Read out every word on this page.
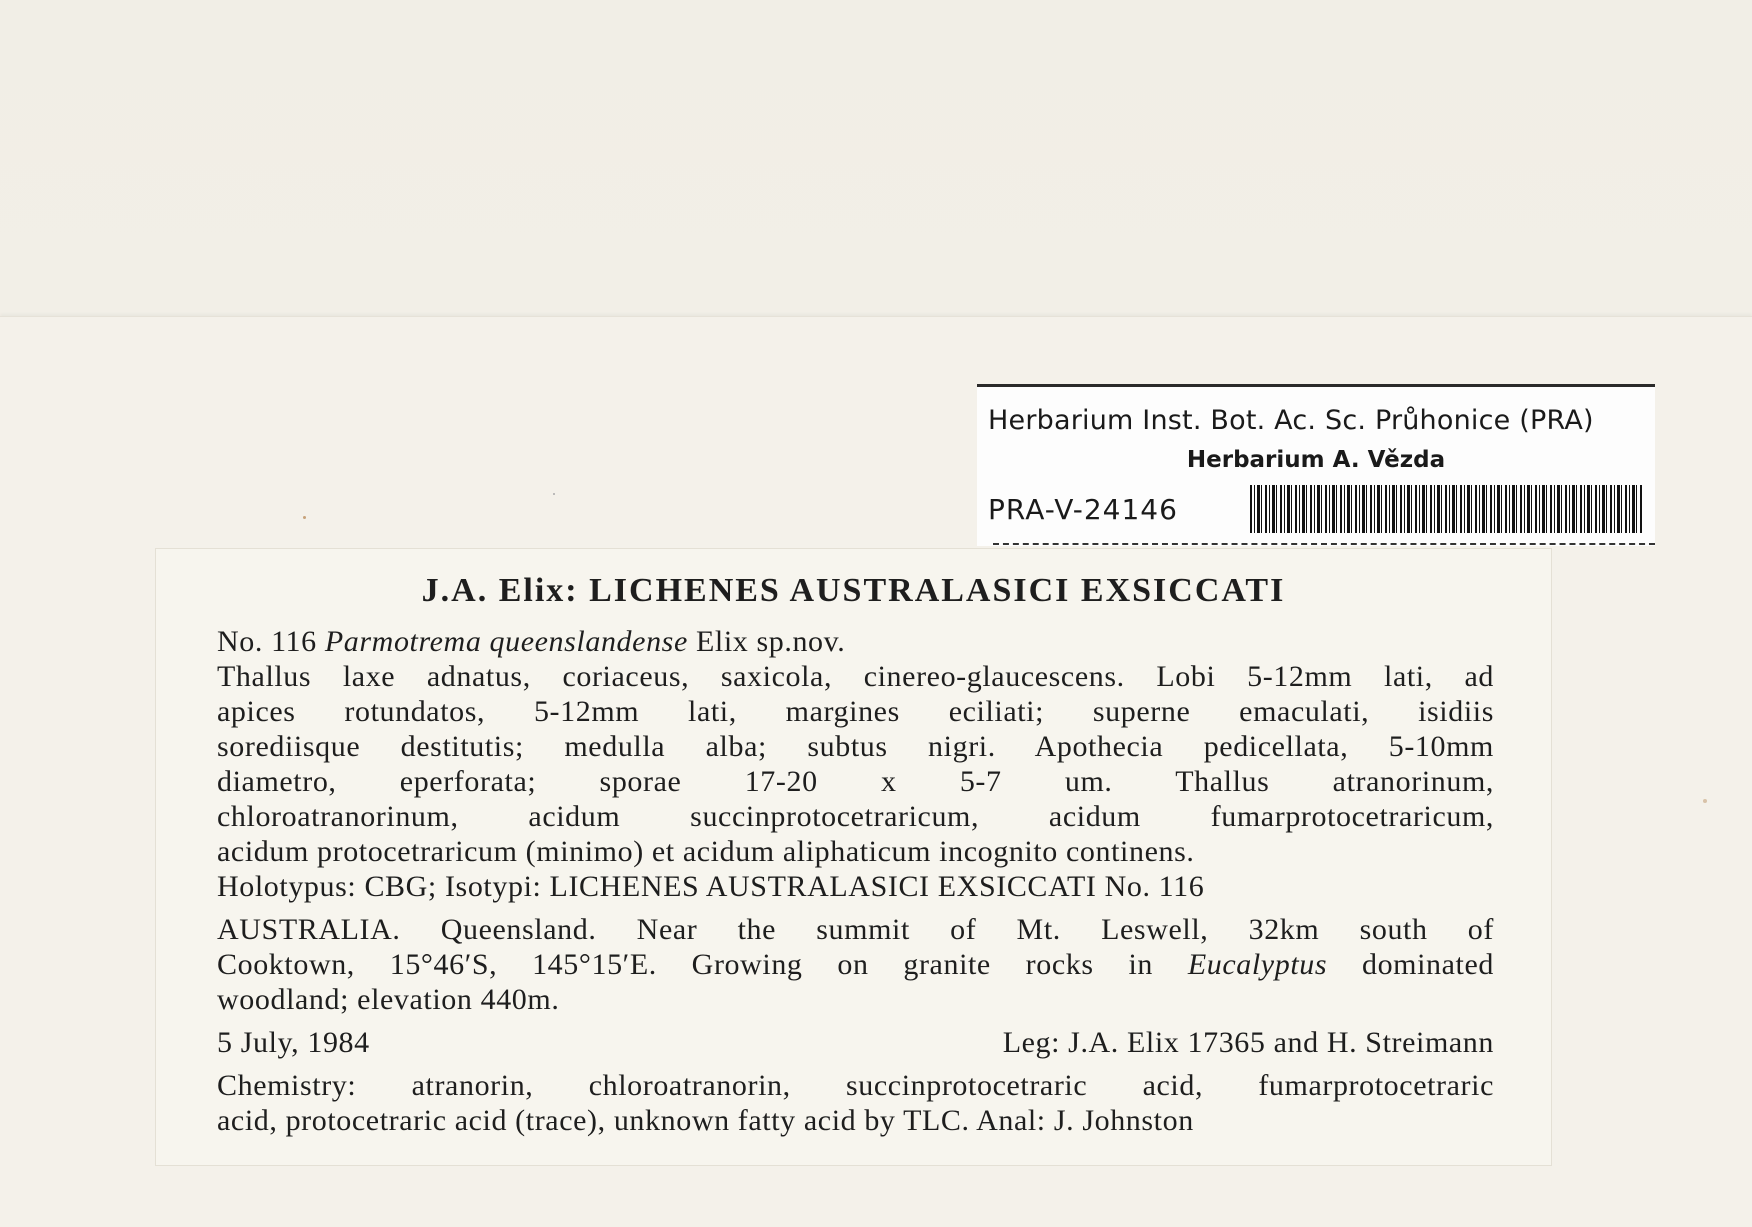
Herbarium Inst. Bot. Ac. Sc. Průhonice (PRA)
Herbarium A. Vězda
PRA-V-24146
J.A. Elix: LICHENES AUSTRALASICI EXSICCATI

No. 116 Parmotrema queenslandense Elix sp.nov.

Thallus laxe adnatus, coriaceus, saxicola, cinereo-glaucescens. Lobi 5-12mm lati, ad

apices rotundatos, 5-12mm lati, margines eciliati; superne emaculati, isidiis

sorediisque destitutis; medulla alba; subtus nigri. Apothecia pedicellata, 5-10mm

diametro, eperforata; sporae 17-20 x 5-7 um. Thallus atranorinum,

chloroatranorinum, acidum succinprotocetraricum, acidum fumarprotocetraricum,

acidum protocetraricum (minimo) et acidum aliphaticum incognito continens.

Holotypus: CBG; Isotypi: LICHENES AUSTRALASICI EXSICCATI No. 116

AUSTRALIA. Queensland. Near the summit of Mt. Leswell, 32km south of

Cooktown, 15°46′S, 145°15′E. Growing on granite rocks in Eucalyptus dominated

woodland; elevation 440m.

5 July, 1984	Leg: J.A. Elix 17365 and H. Streimann

Chemistry: atranorin, chloroatranorin, succinprotocetraric acid, fumarprotocetraric

acid, protocetraric acid (trace), unknown fatty acid by TLC. Anal: J. Johnston
